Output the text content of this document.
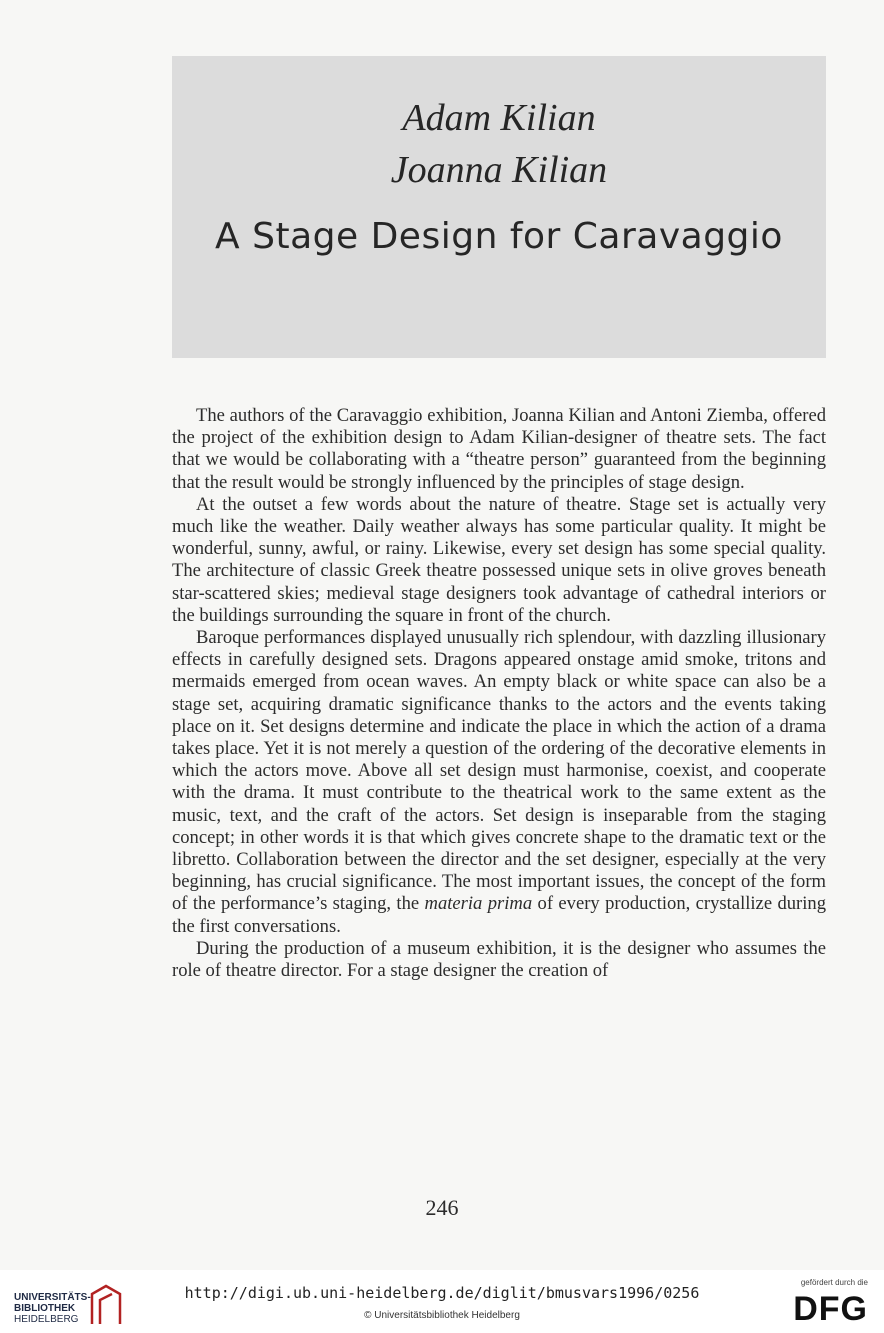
Adam Kilian
Joanna Kilian
A Stage Design for Caravaggio

The authors of the Caravaggio exhibition, Joanna Kilian and Antoni Ziemba, offered the project of the exhibition design to Adam Kilian-designer of theatre sets. The fact that we would be collaborating with a “theatre person” guaranteed from the beginning that the result would be strongly influenced by the principles of stage design.

At the outset a few words about the nature of theatre. Stage set is actually very much like the weather. Daily weather always has some particular quality. It might be wonderful, sunny, awful, or rainy. Likewise, every set design has some special quality. The architecture of classic Greek theatre possessed unique sets in olive groves beneath star-scattered skies; medieval stage designers took advantage of cathedral interiors or the buildings surrounding the square in front of the church.

Baroque performances displayed unusually rich splendour, with dazzling illusionary effects in carefully designed sets. Dragons appeared onstage amid smoke, tritons and mermaids emerged from ocean waves. An empty black or white space can also be a stage set, acquiring dramatic significance thanks to the actors and the events taking place on it. Set designs determine and indicate the place in which the action of a drama takes place. Yet it is not merely a question of the ordering of the decorative elements in which the actors move. Above all set design must harmonise, coexist, and cooperate with the drama. It must contribute to the theatrical work to the same extent as the music, text, and the craft of the actors. Set design is inseparable from the staging concept; in other words it is that which gives concrete shape to the dramatic text or the libretto. Collaboration between the director and the set designer, especially at the very beginning, has crucial significance. The most important issues, the concept of the form of the performance’s staging, the materia prima of every production, crystallize during the first conversations.

During the production of a museum exhibition, it is the designer who assumes the role of theatre director. For a stage designer the creation of

246
UNIVERSITÄTS-
BIBLIOTHEK
HEIDELBERG
http://digi.ub.uni-heidelberg.de/diglit/bmusvars1996/0256
© Universitätsbibliothek Heidelberg
gefördert durch die
DFG
